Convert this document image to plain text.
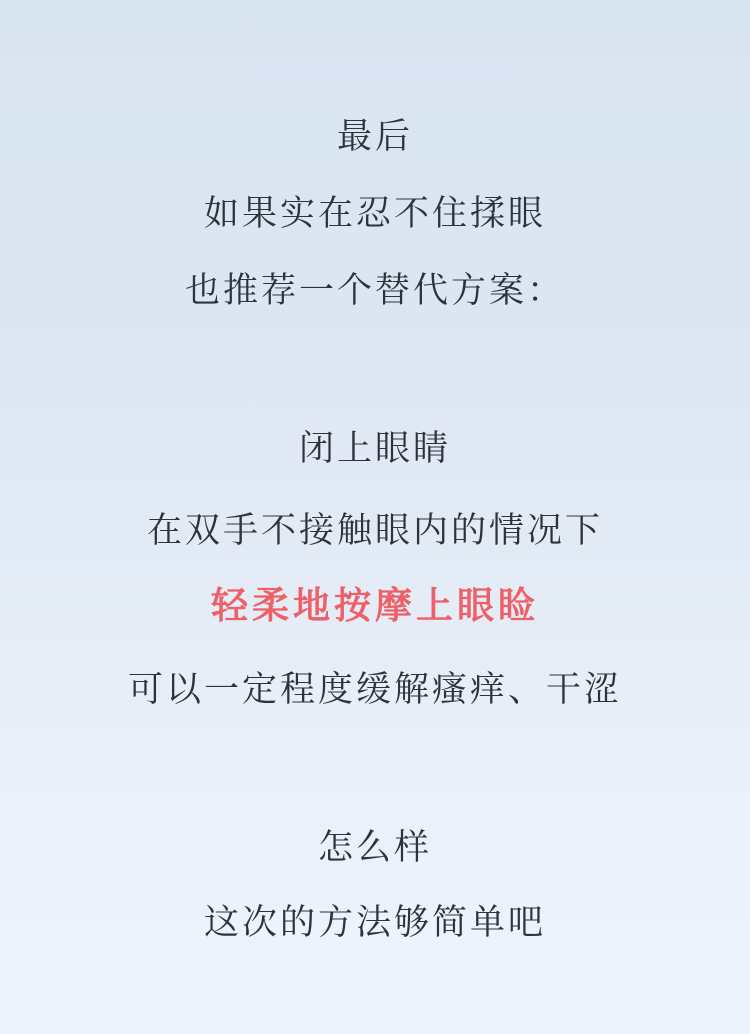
最后

如果实在忍不住揉眼

也推荐一个替代方案：

闭上眼睛

在双手不接触眼内的情况下

轻柔地按摩上眼睑

可以一定程度缓解瘙痒、干涩

怎么样

这次的方法够简单吧
